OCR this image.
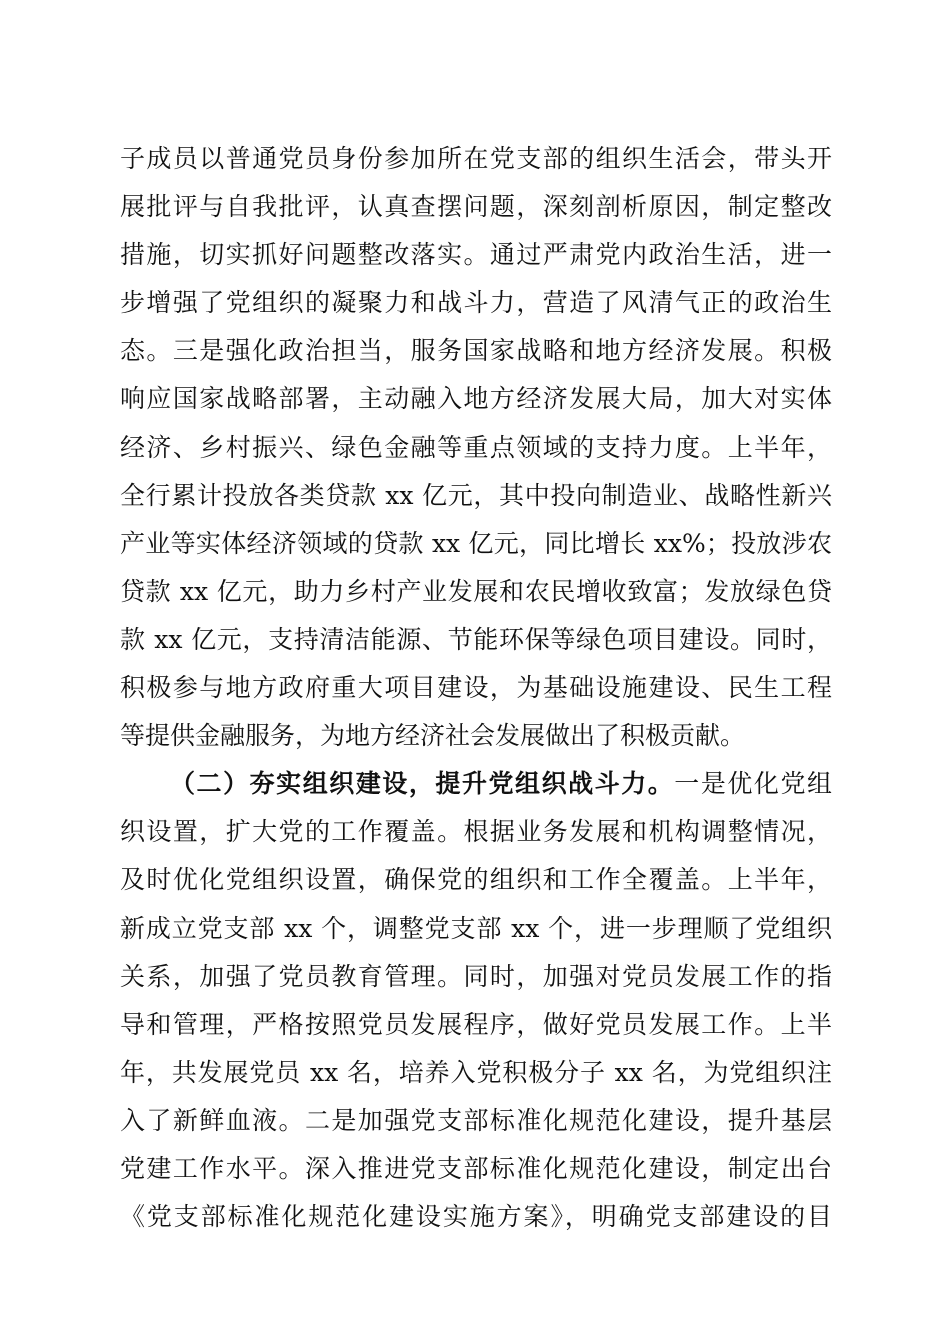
子成员以普通党员身份参加所在党支部的组织生活会，带头开
展批评与自我批评，认真查摆问题，深刻剖析原因，制定整改
措施，切实抓好问题整改落实。通过严肃党内政治生活，进一
步增强了党组织的凝聚力和战斗力，营造了风清气正的政治生
态。三是强化政治担当，服务国家战略和地方经济发展。积极
响应国家战略部署，主动融入地方经济发展大局，加大对实体
经济、乡村振兴、绿色金融等重点领域的支持力度。上半年，
全行累计投放各类贷款 xx 亿元，其中投向制造业、战略性新兴
产业等实体经济领域的贷款 xx 亿元，同比增长 xx%；投放涉农
贷款 xx 亿元，助力乡村产业发展和农民增收致富；发放绿色贷
款 xx 亿元，支持清洁能源、节能环保等绿色项目建设。同时，
积极参与地方政府重大项目建设，为基础设施建设、民生工程
等提供金融服务，为地方经济社会发展做出了积极贡献。
（二）夯实组织建设，提升党组织战斗力。一是优化党组
织设置，扩大党的工作覆盖。根据业务发展和机构调整情况，
及时优化党组织设置，确保党的组织和工作全覆盖。上半年，
新成立党支部 xx 个，调整党支部 xx 个，进一步理顺了党组织
关系，加强了党员教育管理。同时，加强对党员发展工作的指
导和管理，严格按照党员发展程序，做好党员发展工作。上半
年，共发展党员 xx 名，培养入党积极分子 xx 名，为党组织注
入了新鲜血液。二是加强党支部标准化规范化建设，提升基层
党建工作水平。深入推进党支部标准化规范化建设，制定出台
《党支部标准化规范化建设实施方案》，明确党支部建设的目
